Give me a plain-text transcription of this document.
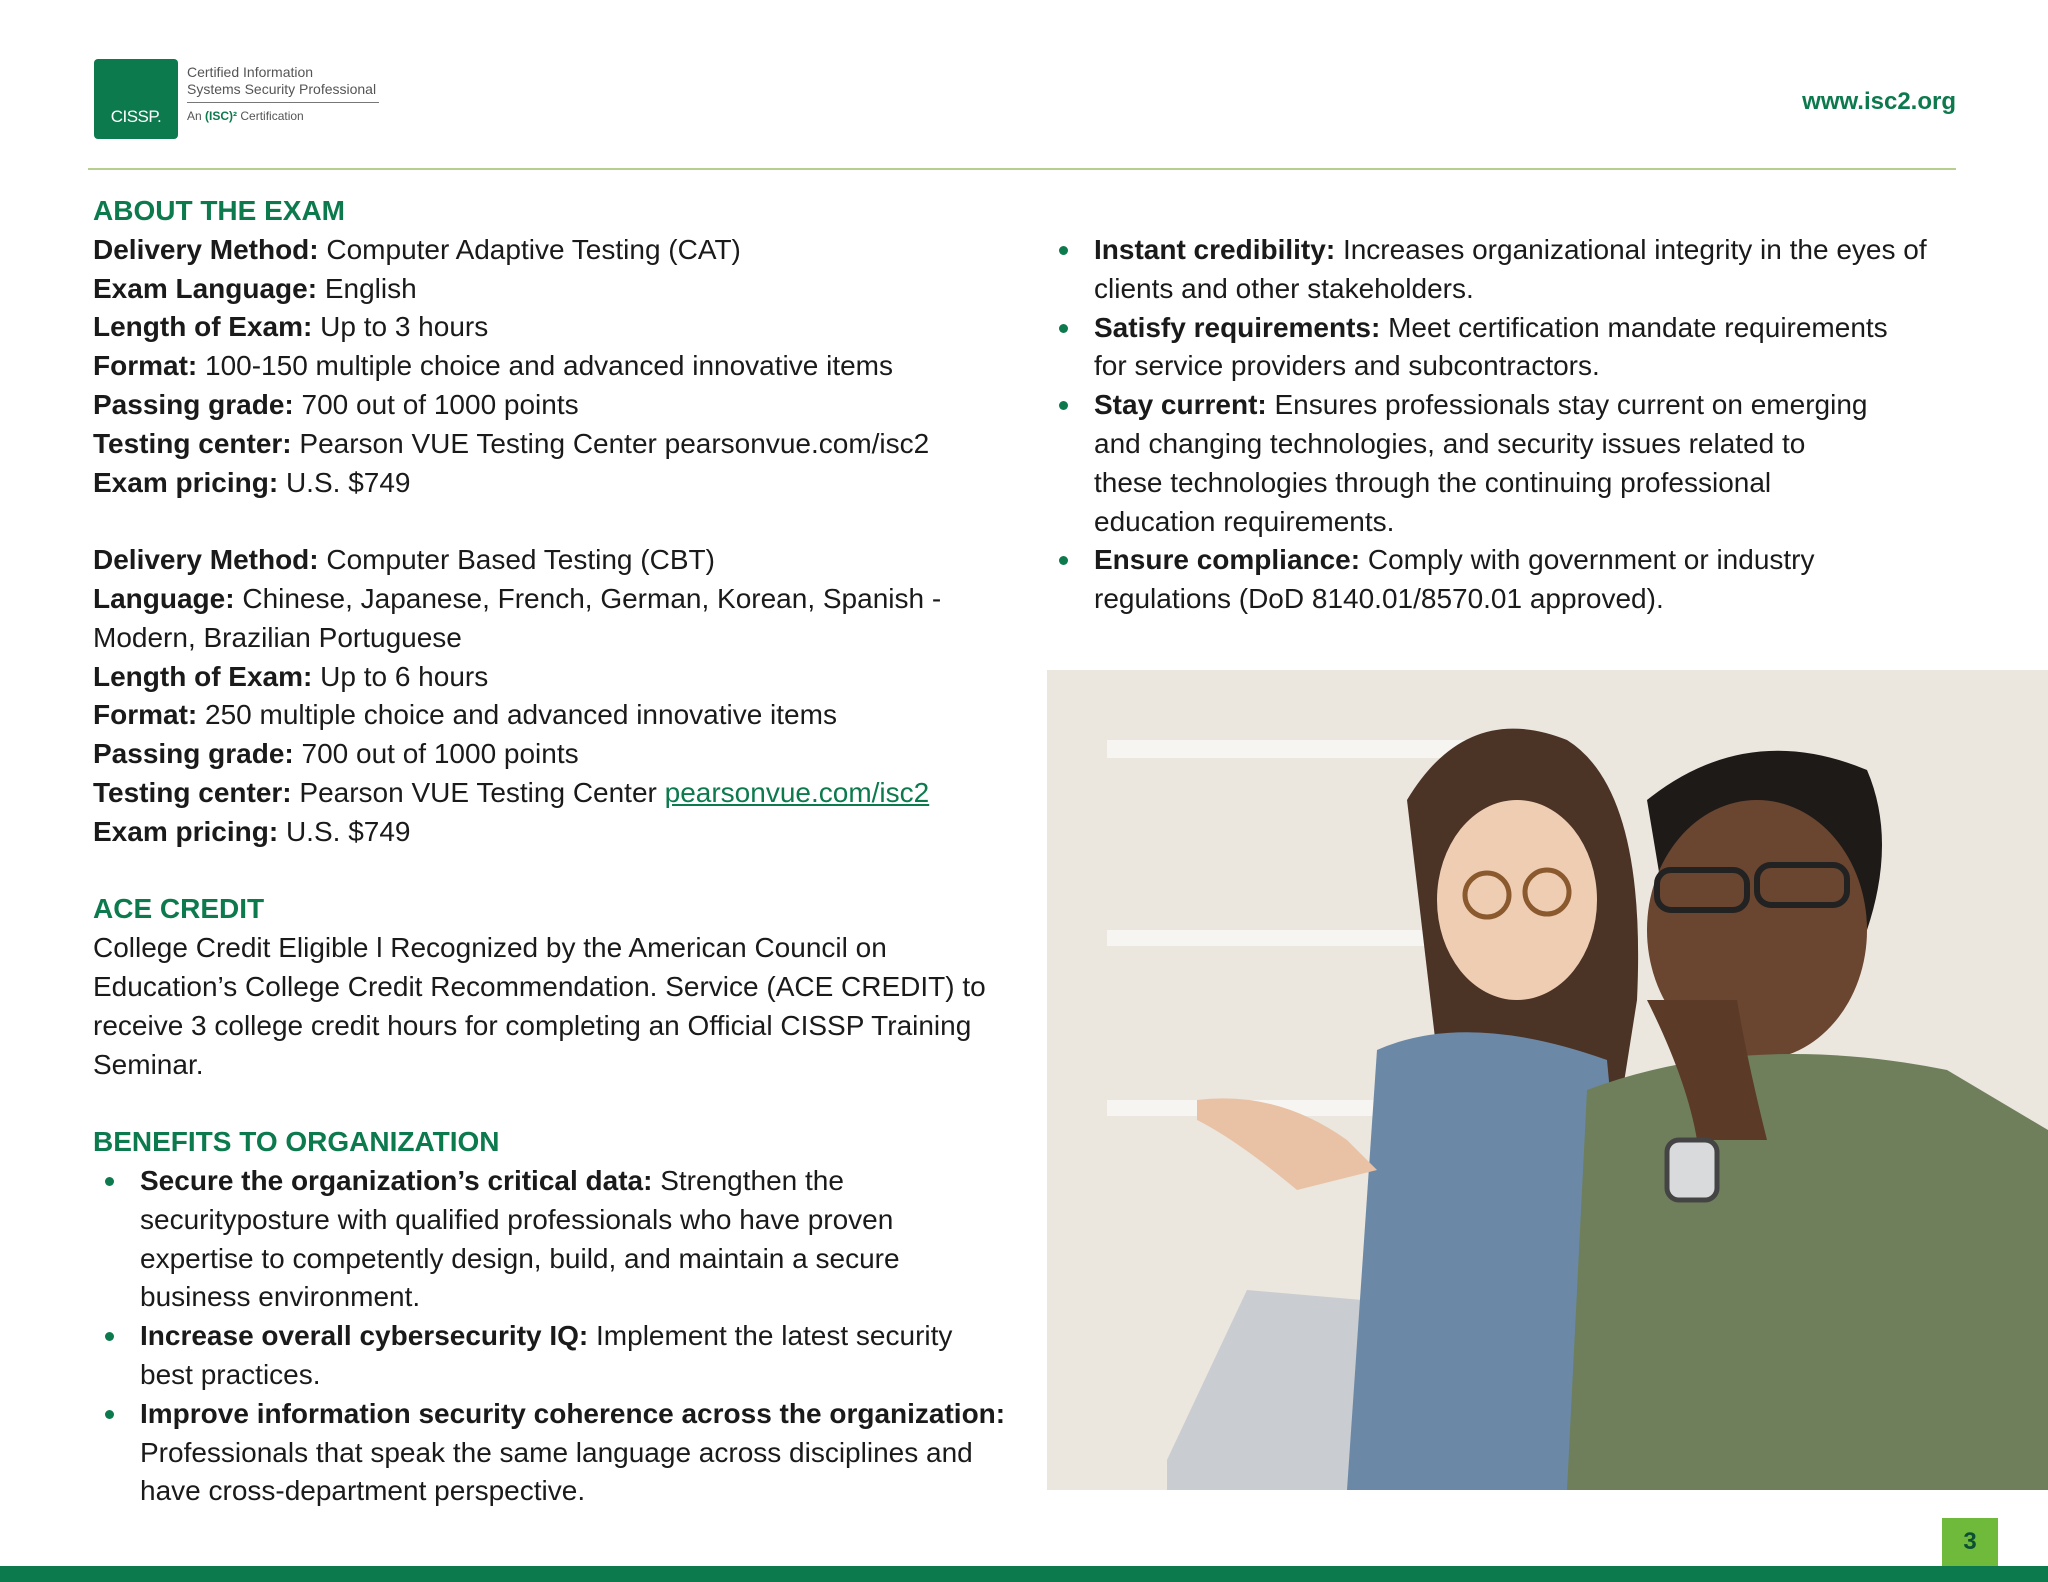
CISSP.
Certified Information
Systems Security Professional
An (ISC)² Certification
www.isc2.org
ABOUT THE EXAM
Delivery Method: Computer Adaptive Testing (CAT)
Exam Language: English
Length of Exam: Up to 3 hours
Format: 100-150 multiple choice and advanced innovative items
Passing grade: 700 out of 1000 points
Testing center: Pearson VUE Testing Center pearsonvue.com/isc2
Exam pricing: U.S. $749
Delivery Method: Computer Based Testing (CBT)
Language: Chinese, Japanese, French, German, Korean, Spanish -
Modern, Brazilian Portuguese
Length of Exam: Up to 6 hours
Format: 250 multiple choice and advanced innovative items
Passing grade: 700 out of 1000 points
Testing center: Pearson VUE Testing Center pearsonvue.com/isc2
Exam pricing: U.S. $749
ACE CREDIT
College Credit Eligible l Recognized by the American Council on
Education’s College Credit Recommendation. Service (ACE CREDIT) to
receive 3 college credit hours for completing an Official CISSP Training
Seminar.
BENEFITS TO ORGANIZATION
Secure the organization’s critical data: Strengthen the
securityposture with qualified professionals who have proven
expertise to competently design, build, and maintain a secure
business environment.
Increase overall cybersecurity IQ: Implement the latest security
best practices.
Improve information security coherence across the organization:
Professionals that speak the same language across disciplines and
have cross-department perspective.
Instant credibility: Increases organizational integrity in the eyes of
clients and other stakeholders.
Satisfy requirements: Meet certification mandate requirements
for service providers and subcontractors.
Stay current: Ensures professionals stay current on emerging
and changing technologies, and security issues related to
these technologies through the continuing professional
education requirements.
Ensure compliance: Comply with government or industry
regulations (DoD 8140.01/8570.01 approved).
3
